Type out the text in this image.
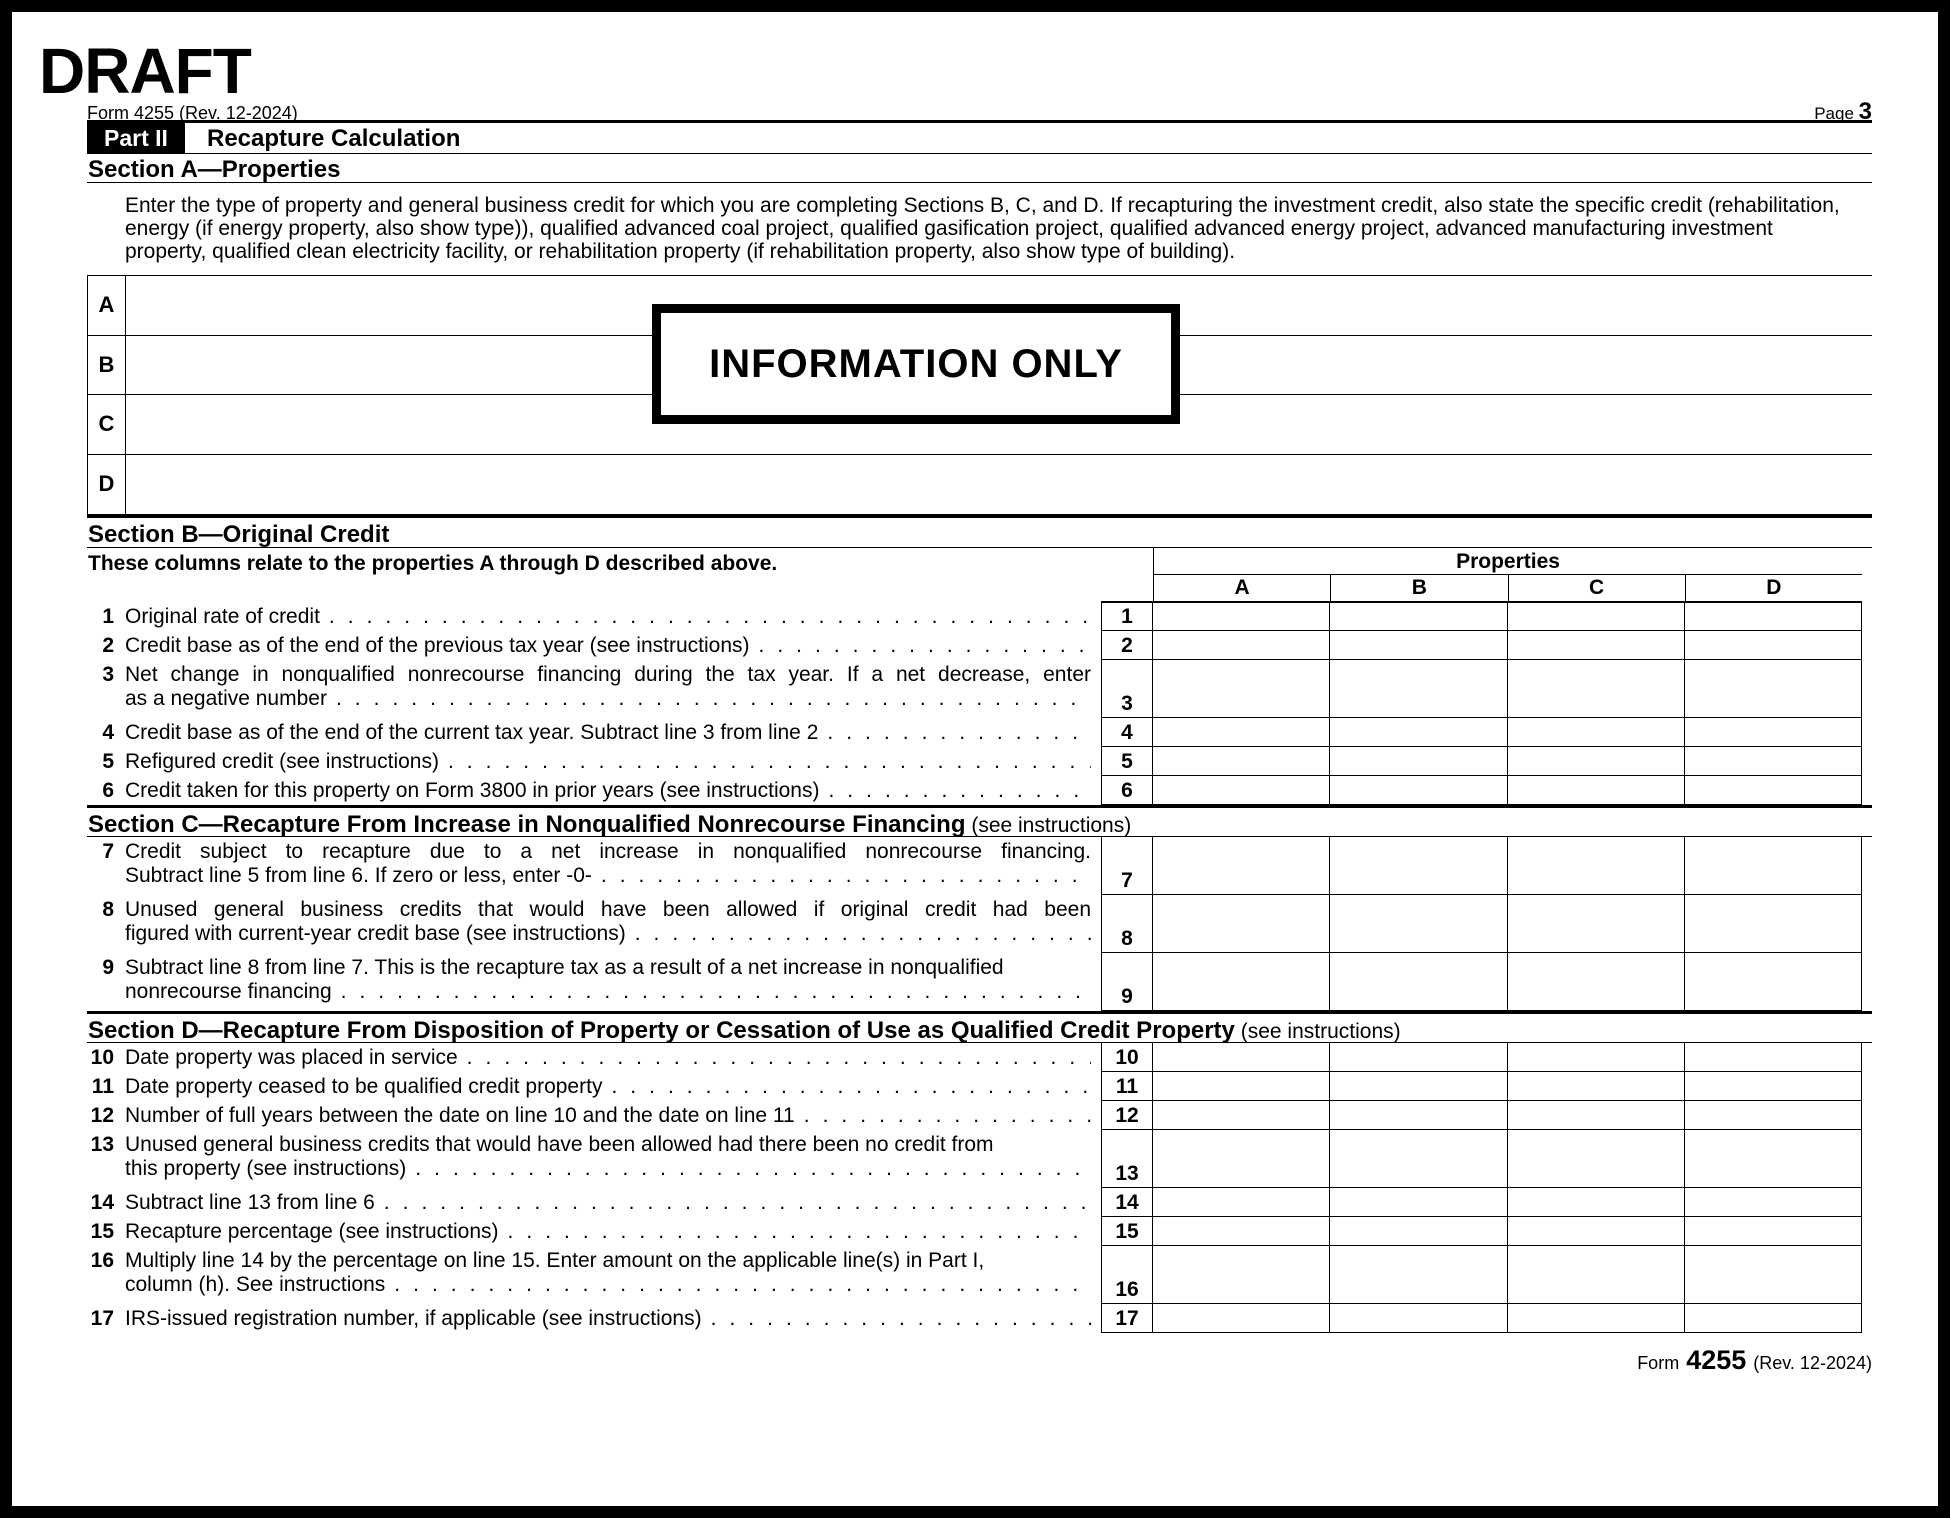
DRAFT
Form 4255 (Rev. 12-2024)	Page 3
Part II	Recapture Calculation
Section A—Properties
Enter the type of property and general business credit for which you are completing Sections B, C, and D. If recapturing the investment credit, also state the specific credit (rehabilitation, energy (if energy property, also show type)), qualified advanced coal project, qualified gasification project, qualified advanced energy project, advanced manufacturing investment property, qualified clean electricity facility, or rehabilitation property (if rehabilitation property, also show type of building).
A
B
C
D
Section B—Original Credit
These columns relate to the properties A through D described above.	Properties
A	B	C	D
1 Original rate of credit .....	1
2 Credit base as of the end of the previous tax year (see instructions) .....	2
3 Net change in nonqualified nonrecourse financing during the tax year. If a net decrease, enter
as a negative number .....	3
4 Credit base as of the end of the current tax year. Subtract line 3 from line 2 .....	4
5 Refigured credit (see instructions) .....	5
6 Credit taken for this property on Form 3800 in prior years (see instructions) .....	6
Section C—Recapture From Increase in Nonqualified Nonrecourse Financing (see instructions)
7 Credit subject to recapture due to a net increase in nonqualified nonrecourse financing.
Subtract line 5 from line 6. If zero or less, enter -0- .....	7
8 Unused general business credits that would have been allowed if original credit had been
figured with current-year credit base (see instructions) .....	8
9 Subtract line 8 from line 7. This is the recapture tax as a result of a net increase in nonqualified
nonrecourse financing .....	9
Section D—Recapture From Disposition of Property or Cessation of Use as Qualified Credit Property (see instructions)
10 Date property was placed in service .....	10
11 Date property ceased to be qualified credit property .....	11
12 Number of full years between the date on line 10 and the date on line 11 .....	12
13 Unused general business credits that would have been allowed had there been no credit from
this property (see instructions) .....	13
14 Subtract line 13 from line 6 .....	14
15 Recapture percentage (see instructions) .....	15
16 Multiply line 14 by the percentage on line 15. Enter amount on the applicable line(s) in Part I,
column (h). See instructions .....	16
17 IRS-issued registration number, if applicable (see instructions) .....	17
Form 4255 (Rev. 12-2024)
INFORMATION ONLY
